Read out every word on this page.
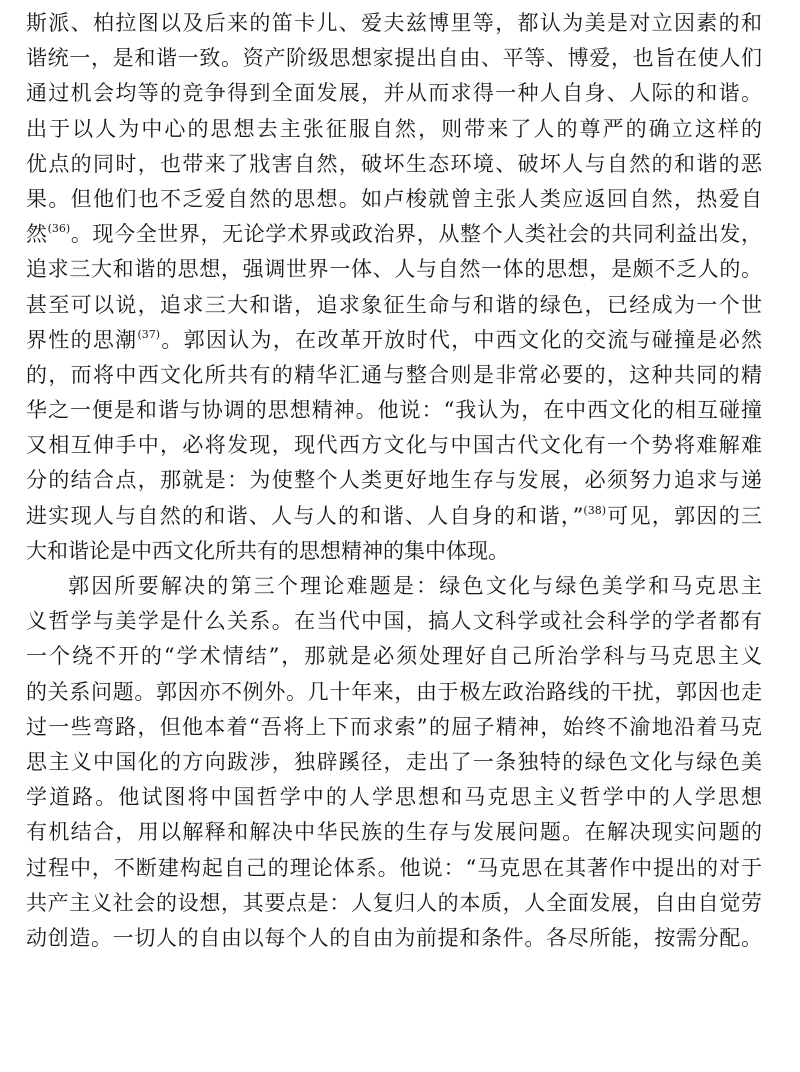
斯派、柏拉图以及后来的笛卡儿、爱夫兹博里等，都认为美是对立因素的和
谐统一，是和谐一致。资产阶级思想家提出自由、平等、博爱，也旨在使人们
通过机会均等的竞争得到全面发展，并从而求得一种人自身、人际的和谐。
出于以人为中心的思想去主张征服自然，则带来了人的尊严的确立这样的
优点的同时，也带来了戕害自然，破坏生态环境、破坏人与自然的和谐的恶
果。但他们也不乏爱自然的思想。如卢梭就曾主张人类应返回自然，热爱自
然$^{(36)}$。现今全世界，无论学术界或政治界，从整个人类社会的共同利益出发，
追求三大和谐的思想，强调世界一体、人与自然一体的思想，是颇不乏人的。
甚至可以说，追求三大和谐，追求象征生命与和谐的绿色，已经成为一个世
界性的思潮$^{(37)}$。郭因认为，在改革开放时代，中西文化的交流与碰撞是必然
的，而将中西文化所共有的精华汇通与整合则是非常必要的，这种共同的精
华之一便是和谐与协调的思想精神。他说：“我认为，在中西文化的相互碰撞
又相互伸手中，必将发现，现代西方文化与中国古代文化有一个势将难解难
分的结合点，那就是：为使整个人类更好地生存与发展，必须努力追求与递
进实现人与自然的和谐、人与人的和谐、人自身的和谐，”$^{(38)}$可见，郭因的三
大和谐论是中西文化所共有的思想精神的集中体现。
郭因所要解决的第三个理论难题是：绿色文化与绿色美学和马克思主
义哲学与美学是什么关系。在当代中国，搞人文科学或社会科学的学者都有
一个绕不开的“学术情结”，那就是必须处理好自己所治学科与马克思主义
的关系问题。郭因亦不例外。几十年来，由于极左政治路线的干扰，郭因也走
过一些弯路，但他本着“吾将上下而求索”的屈子精神，始终不渝地沿着马克
思主义中国化的方向跋涉，独辟蹊径，走出了一条独特的绿色文化与绿色美
学道路。他试图将中国哲学中的人学思想和马克思主义哲学中的人学思想
有机结合，用以解释和解决中华民族的生存与发展问题。在解决现实问题的
过程中，不断建构起自己的理论体系。他说：“马克思在其著作中提出的对于
共产主义社会的设想，其要点是：人复归人的本质，人全面发展，自由自觉劳
动创造。一切人的自由以每个人的自由为前提和条件。各尽所能，按需分配。
